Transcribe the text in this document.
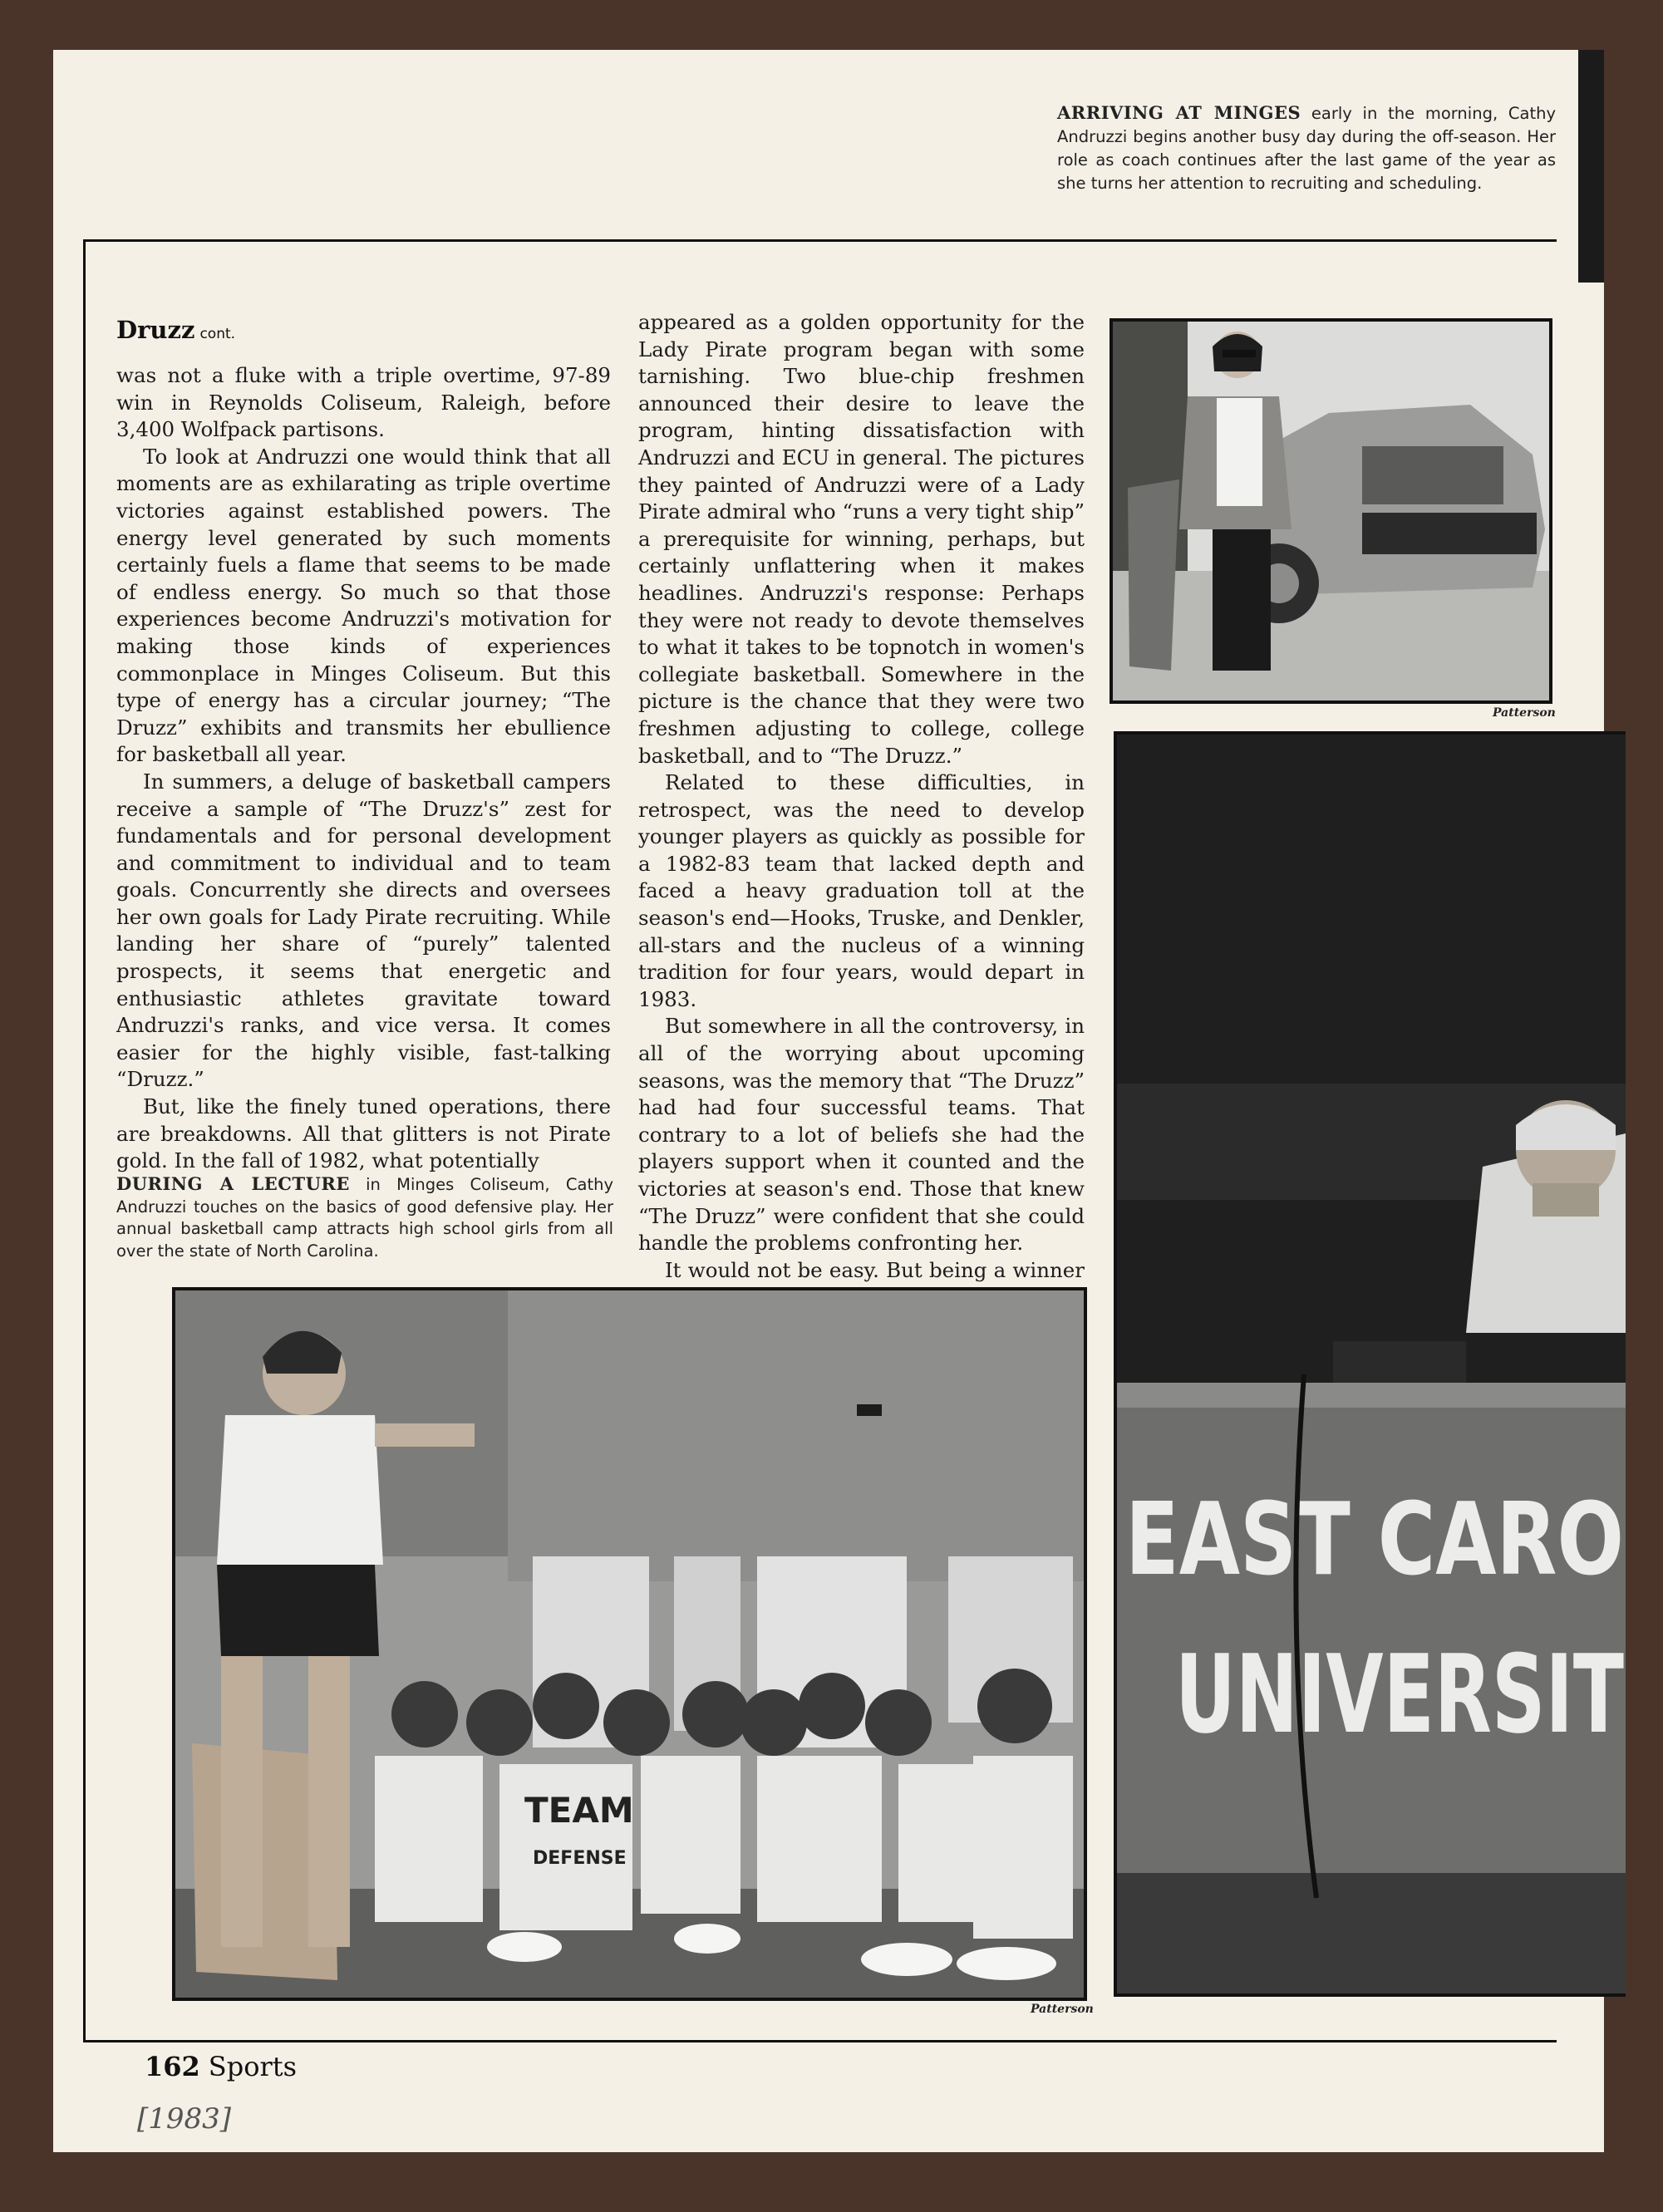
ARRIVING AT MINGES early in the morning, Cathy Andruzzi begins another busy day during the off-season. Her role as coach continues after the last game of the year as she turns her attention to recruiting and scheduling.
Druzz cont.

was not a fluke with a triple overtime, 97-89 win in Reynolds Coliseum, Raleigh, before 3,400 Wolfpack partisons.

To look at Andruzzi one would think that all moments are as exhilarating as triple overtime victories against established powers. The energy level generated by such moments certainly fuels a flame that seems to be made of endless energy. So much so that those experiences become Andruzzi's motivation for making those kinds of experiences commonplace in Minges Coliseum. But this type of energy has a circular journey; “The Druzz” exhibits and transmits her ebullience for basketball all year.

In summers, a deluge of basketball campers receive a sample of “The Druzz's” zest for fundamentals and for personal development and commitment to individual and to team goals. Concurrently she directs and oversees her own goals for Lady Pirate recruiting. While landing her share of “purely” talented prospects, it seems that energetic and enthusiastic athletes gravitate toward Andruzzi's ranks, and vice versa. It comes easier for the highly visible, fast-talking “Druzz.”

But, like the finely tuned operations, there are breakdowns. All that glitters is not Pirate gold. In the fall of 1982, what potentially

appeared as a golden opportunity for the Lady Pirate program began with some tarnishing. Two blue-chip freshmen announced their desire to leave the program, hinting dissatisfaction with Andruzzi and ECU in general. The pictures they painted of Andruzzi were of a Lady Pirate admiral who “runs a very tight ship” a prerequisite for winning, perhaps, but certainly unflattering when it makes headlines. Andruzzi's response: Perhaps they were not ready to devote themselves to what it takes to be topnotch in women's collegiate basketball. Somewhere in the picture is the chance that they were two freshmen adjusting to college, college basketball, and to “The Druzz.”

Related to these difficulties, in retrospect, was the need to develop younger players as quickly as possible for a 1982-83 team that lacked depth and faced a heavy graduation toll at the season's end—Hooks, Truske, and Denkler, all-stars and the nucleus of a winning tradition for four years, would depart in 1983.

But somewhere in all the controversy, in all of the worrying about upcoming seasons, was the memory that “The Druzz” had had four successful teams. That contrary to a lot of beliefs she had the players support when it counted and the victories at season's end. Those that knew “The Druzz” were confident that she could handle the problems confronting her.

It would not be easy. But being a winner

DURING A LECTURE in Minges Coliseum, Cathy Andruzzi touches on the basics of good defensive play. Her annual basketball camp attracts high school girls from all over the state of North Carolina.
Patterson
TEAM
DEFENSE
Patterson
EAST CARO
UNIVERSIT
162 Sports
[1983]
